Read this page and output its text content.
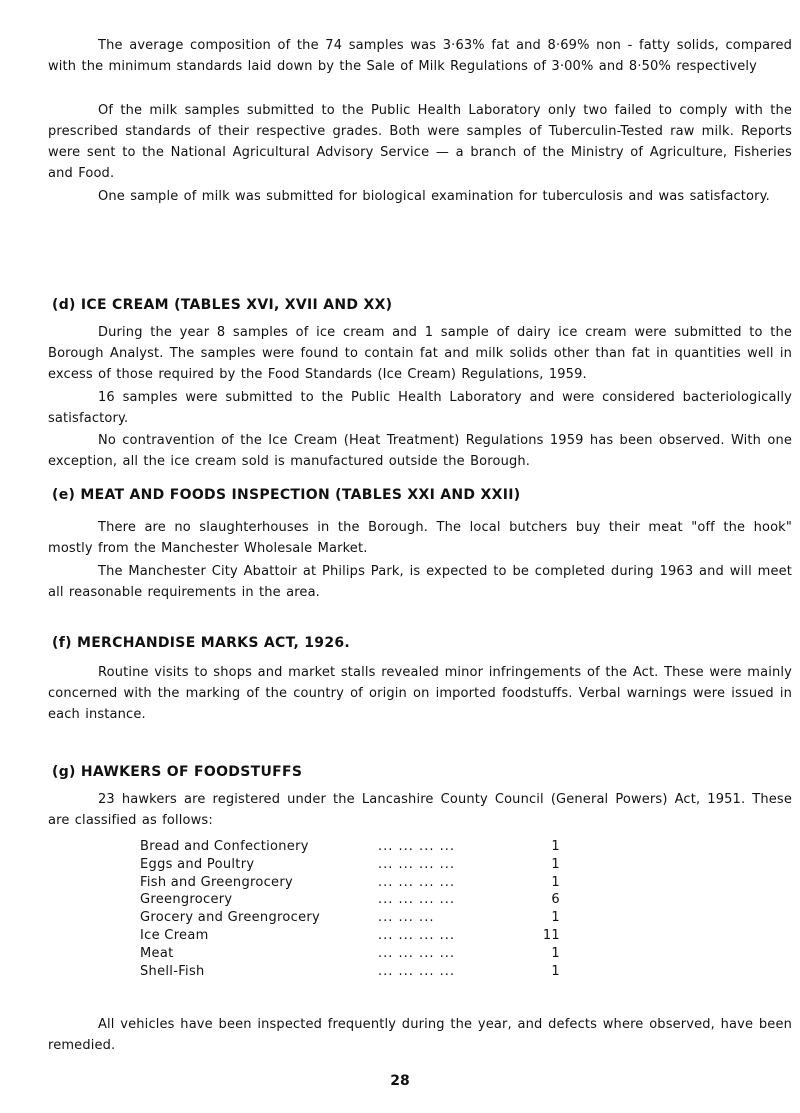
The average composition of the 74 samples was 3·63% fat and 8·69% non - fatty solids, compared with the minimum standards laid down by the Sale of Milk Regulations of 3·00% and 8·50% respectively

Of the milk samples submitted to the Public Health Laboratory only two failed to comply with the prescribed standards of their respective grades. Both were samples of Tuberculin-Tested raw milk. Reports were sent to the National Agricultural Advisory Service — a branch of the Ministry of Agriculture, Fisheries and Food.

One sample of milk was submitted for biological examination for tuberculosis and was satisfactory.

(d) ICE CREAM (TABLES XVI, XVII AND XX)

During the year 8 samples of ice cream and 1 sample of dairy ice cream were submitted to the Borough Analyst. The samples were found to contain fat and milk solids other than fat in quantities well in excess of those required by the Food Standards (Ice Cream) Regulations, 1959.

16 samples were submitted to the Public Health Laboratory and were considered bacteriologically satisfactory.

No contravention of the Ice Cream (Heat Treatment) Regulations 1959 has been observed. With one exception, all the ice cream sold is manufactured outside the Borough.

(e) MEAT AND FOODS INSPECTION (TABLES XXI AND XXII)

There are no slaughterhouses in the Borough. The local butchers buy their meat "off the hook" mostly from the Manchester Wholesale Market.

The Manchester City Abattoir at Philips Park, is expected to be completed during 1963 and will meet all reasonable requirements in the area.

(f) MERCHANDISE MARKS ACT, 1926.

Routine visits to shops and market stalls revealed minor infringements of the Act. These were mainly concerned with the marking of the country of origin on imported foodstuffs. Verbal warnings were issued in each instance.

(g) HAWKERS OF FOODSTUFFS

23 hawkers are registered under the Lancashire County Council (General Powers) Act, 1951. These are classified as follows:

Bread and Confectionery	... ... ... ...	1
Eggs and Poultry	... ... ... ...	1
Fish and Greengrocery	... ... ... ...	1
Greengrocery	... ... ... ...	6
Grocery and Greengrocery	... ... ...	1
Ice Cream	... ... ... ...	11
Meat	... ... ... ...	1
Shell-Fish	... ... ... ...	1

All vehicles have been inspected frequently during the year, and defects where observed, have been remedied.

28
